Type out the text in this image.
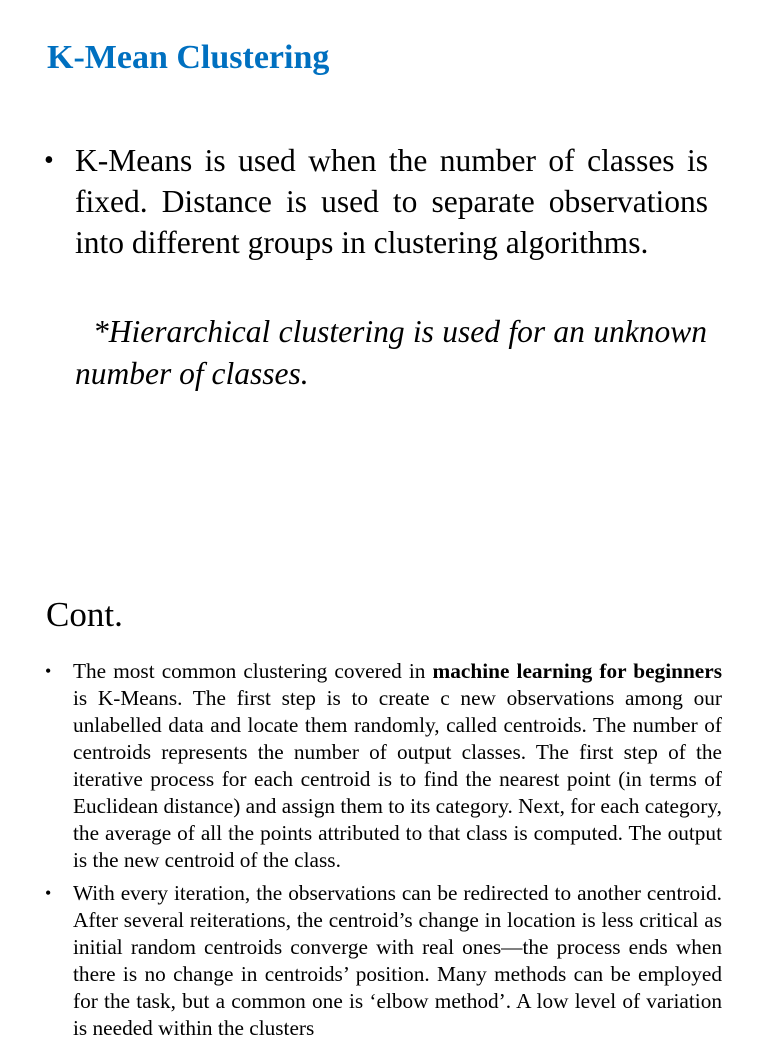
K-Mean Clustering
• K-Means is used when the number of classes is fixed. Distance is used to separate observations into different groups in clustering algorithms.

*Hierarchical clustering is used for an unknown number of classes.

Cont.
• The most common clustering covered in machine learning for beginners is K-Means. The first step is to create c new observations among our unlabelled data and locate them randomly, called centroids. The number of centroids represents the number of output classes. The first step of the iterative process for each centroid is to find the nearest point (in terms of Euclidean distance) and assign them to its category. Next, for each category, the average of all the points attributed to that class is computed. The output is the new centroid of the class.
• With every iteration, the observations can be redirected to another centroid. After several reiterations, the centroid’s change in location is less critical as initial random centroids converge with real ones—the process ends when there is no change in centroids’ position. Many methods can be employed for the task, but a common one is ‘elbow method’. A low level of variation is needed within the clusters
